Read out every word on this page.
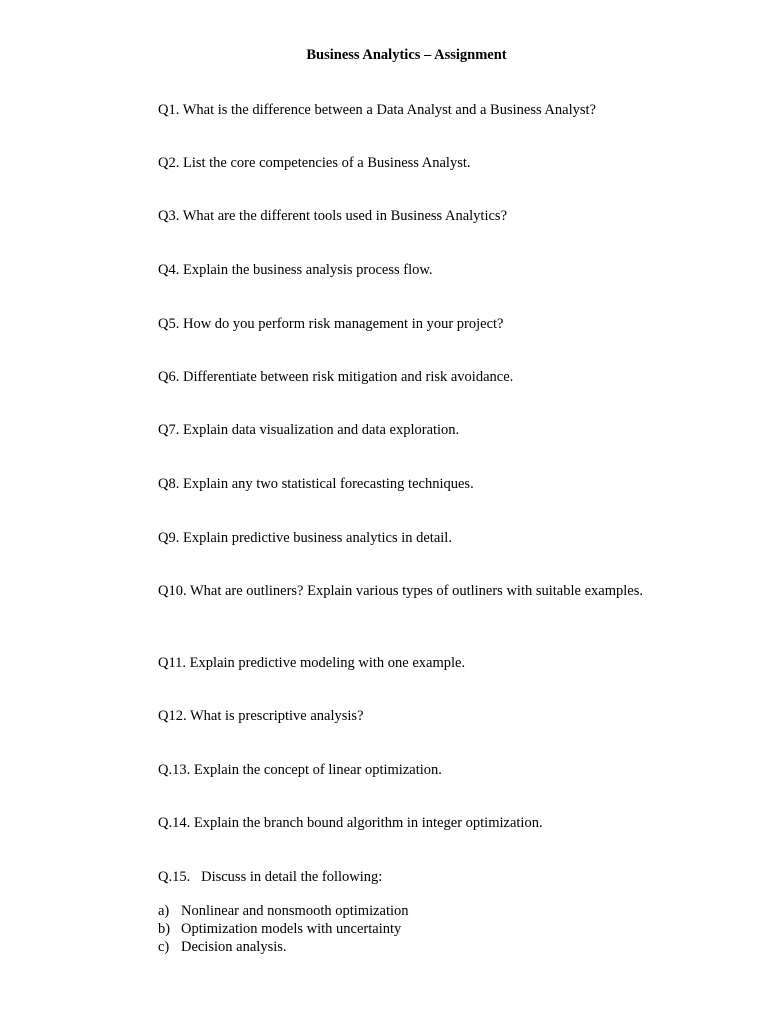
Business Analytics – Assignment
Q1. What is the difference between a Data Analyst and a Business Analyst?
Q2. List the core competencies of a Business Analyst.
Q3. What are the different tools used in Business Analytics?
Q4. Explain the business analysis process flow.
Q5. How do you perform risk management in your project?
Q6. Differentiate between risk mitigation and risk avoidance.
Q7. Explain data visualization and data exploration.
Q8. Explain any two statistical forecasting techniques.
Q9. Explain predictive business analytics in detail.
Q10. What are outliners? Explain various types of outliners with suitable examples.
Q11. Explain predictive modeling with one example.
Q12. What is prescriptive analysis?
Q.13. Explain the concept of linear optimization.
Q.14. Explain the branch bound algorithm in integer optimization.
Q.15.   Discuss in detail the following:
a) Nonlinear and nonsmooth optimization
b) Optimization models with uncertainty
c) Decision analysis.
